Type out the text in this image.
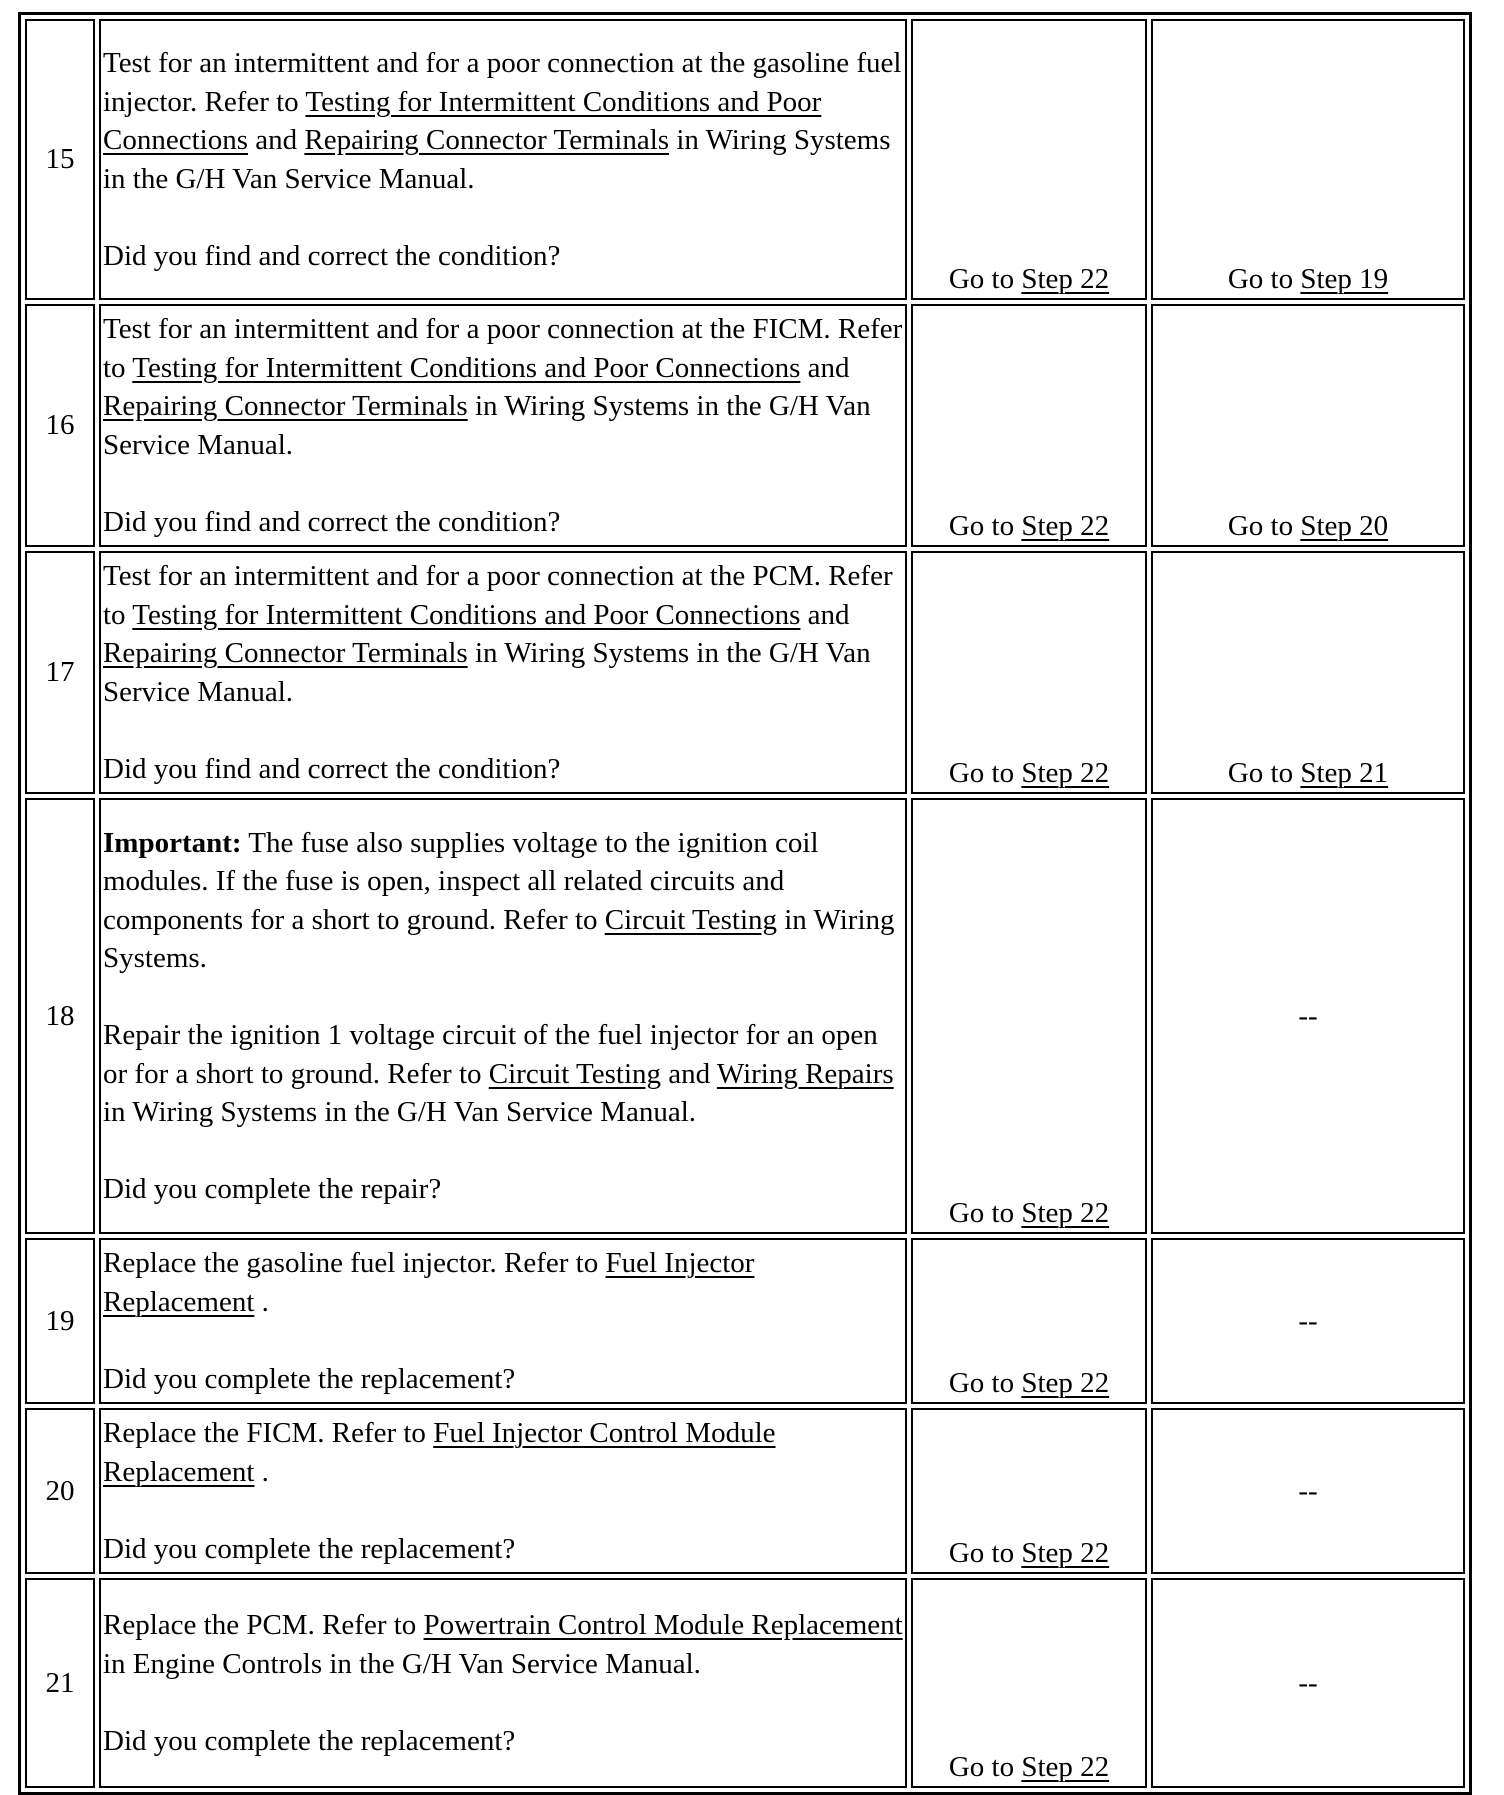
15	Test for an intermittent and for a poor connection at the gasoline fuel injector. Refer to Testing for Intermittent Conditions and Poor Connections and Repairing Connector Terminals in Wiring Systems in the G/H Van Service Manual.
Did you find and correct the condition?	Go to Step 22	Go to Step 19
16	Test for an intermittent and for a poor connection at the FICM. Refer to Testing for Intermittent Conditions and Poor Connections and Repairing Connector Terminals in Wiring Systems in the G/H Van Service Manual.
Did you find and correct the condition?	Go to Step 22	Go to Step 20
17	Test for an intermittent and for a poor connection at the PCM. Refer to Testing for Intermittent Conditions and Poor Connections and Repairing Connector Terminals in Wiring Systems in the G/H Van Service Manual.
Did you find and correct the condition?	Go to Step 22	Go to Step 21
18	Important: The fuse also supplies voltage to the ignition coil modules. If the fuse is open, inspect all related circuits and components for a short to ground. Refer to Circuit Testing in Wiring Systems.
Repair the ignition 1 voltage circuit of the fuel injector for an open or for a short to ground. Refer to Circuit Testing and Wiring Repairs in Wiring Systems in the G/H Van Service Manual.
Did you complete the repair?	Go to Step 22	--
19	Replace the gasoline fuel injector. Refer to Fuel Injector Replacement .
Did you complete the replacement?	Go to Step 22	--
20	Replace the FICM. Refer to Fuel Injector Control Module Replacement .
Did you complete the replacement?	Go to Step 22	--
21	Replace the PCM. Refer to Powertrain Control Module Replacement in Engine Controls in the G/H Van Service Manual.
Did you complete the replacement?	Go to Step 22	--
